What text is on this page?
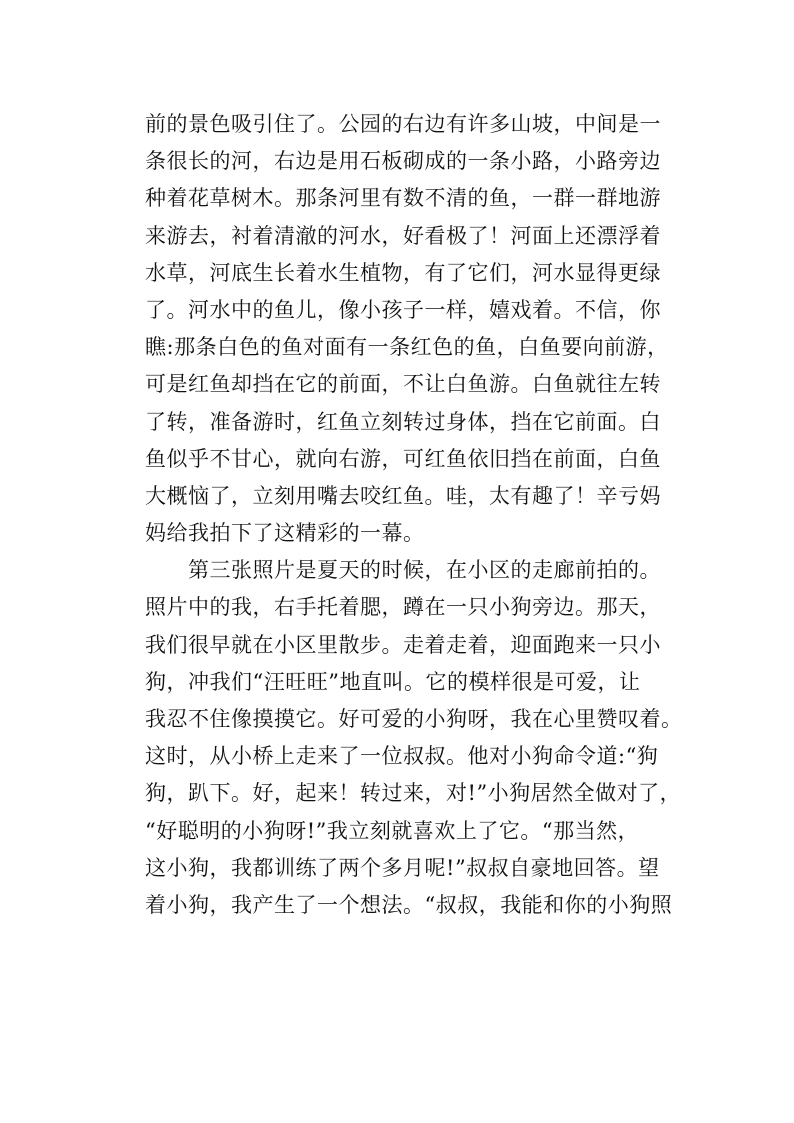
前的景色吸引住了。公园的右边有许多山坡，中间是一
条很长的河，右边是用石板砌成的一条小路，小路旁边
种着花草树木。那条河里有数不清的鱼，一群一群地游
来游去，衬着清澈的河水，好看极了！河面上还漂浮着
水草，河底生长着水生植物，有了它们，河水显得更绿
了。河水中的鱼儿，像小孩子一样，嬉戏着。不信，你
瞧:那条白色的鱼对面有一条红色的鱼，白鱼要向前游，
可是红鱼却挡在它的前面，不让白鱼游。白鱼就往左转
了转，准备游时，红鱼立刻转过身体，挡在它前面。白
鱼似乎不甘心，就向右游，可红鱼依旧挡在前面，白鱼
大概恼了，立刻用嘴去咬红鱼。哇，太有趣了！辛亏妈
妈给我拍下了这精彩的一幕。
　　第三张照片是夏天的时候，在小区的走廊前拍的。
照片中的我，右手托着腮，蹲在一只小狗旁边。那天，
我们很早就在小区里散步。走着走着，迎面跑来一只小
狗，冲我们“汪旺旺”地直叫。它的模样很是可爱，让
我忍不住像摸摸它。好可爱的小狗呀，我在心里赞叹着。
这时，从小桥上走来了一位叔叔。他对小狗命令道:“狗
狗，趴下。好，起来！转过来，对!”小狗居然全做对了，
“好聪明的小狗呀!”我立刻就喜欢上了它。“那当然，
这小狗，我都训练了两个多月呢!”叔叔自豪地回答。望
着小狗，我产生了一个想法。“叔叔，我能和你的小狗照
